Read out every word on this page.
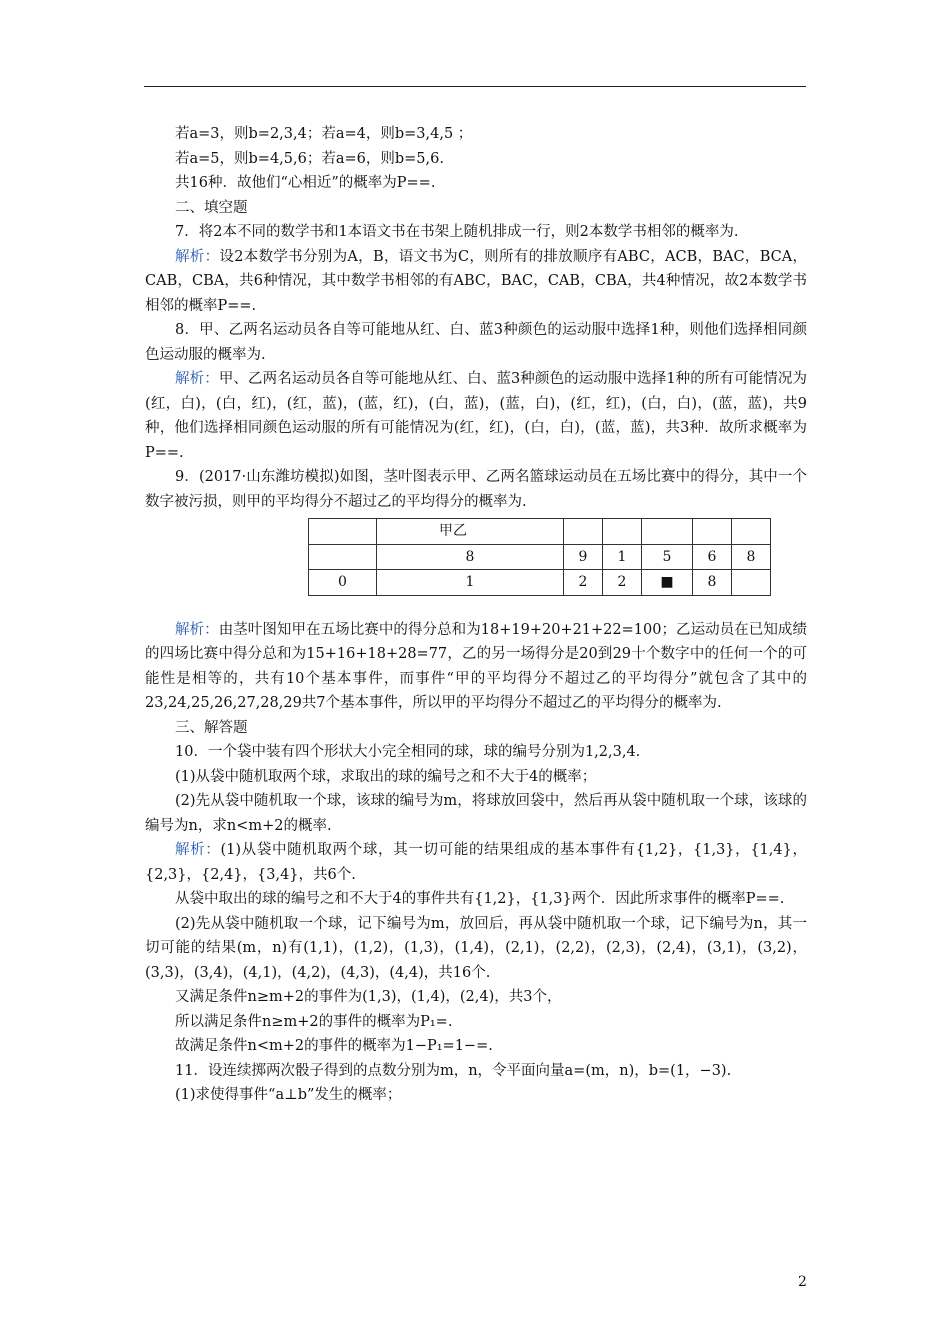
若a=3，则b=2,3,4；若a=4，则b=3,4,5 ；

若a=5，则b=4,5,6；若a=6，则b=5,6.

共16种．故他们“心相近”的概率为P==.

二、填空题

7．将2本不同的数学书和1本语文书在书架上随机排成一行，则2本数学书相邻的概率为.

解析：设2本数学书分别为A，B，语文书为C，则所有的排放顺序有ABC，ACB，BAC，BCA，CAB，CBA，共6种情况，其中数学书相邻的有ABC，BAC，CAB，CBA，共4种情况，故2本数学书相邻的概率P==.

8．甲、乙两名运动员各自等可能地从红、白、蓝3种颜色的运动服中选择1种，则他们选择相同颜色运动服的概率为.

解析：甲、乙两名运动员各自等可能地从红、白、蓝3种颜色的运动服中选择1种的所有可能情况为(红，白)，(白，红)，(红，蓝)，(蓝，红)，(白，蓝)，(蓝，白)，(红，红)，(白，白)，(蓝，蓝)，共9种，他们选择相同颜色运动服的所有可能情况为(红，红)，(白，白)，(蓝，蓝)，共3种．故所求概率为P==.

9．(2017·山东潍坊模拟)如图，茎叶图表示甲、乙两名篮球运动员在五场比赛中的得分，其中一个数字被污损，则甲的平均得分不超过乙的平均得分的概率为.

	甲乙					
	8	9	1	5	6	8
0	1	2	2	■	8	

解析：由茎叶图知甲在五场比赛中的得分总和为18+19+20+21+22=100；乙运动员在已知成绩的四场比赛中得分总和为15+16+18+28=77，乙的另一场得分是20到29十个数字中的任何一个的可能性是相等的，共有10个基本事件，而事件“甲的平均得分不超过乙的平均得分”就包含了其中的23,24,25,26,27,28,29共7个基本事件，所以甲的平均得分不超过乙的平均得分的概率为.

三、解答题

10．一个袋中装有四个形状大小完全相同的球，球的编号分别为1,2,3,4.

(1)从袋中随机取两个球，求取出的球的编号之和不大于4的概率；

(2)先从袋中随机取一个球，该球的编号为m，将球放回袋中，然后再从袋中随机取一个球，该球的编号为n，求n<m+2的概率.

解析：(1)从袋中随机取两个球，其一切可能的结果组成的基本事件有{1,2}，{1,3}，{1,4}，{2,3}，{2,4}，{3,4}，共6个.

从袋中取出的球的编号之和不大于4的事件共有{1,2}，{1,3}两个．因此所求事件的概率P==.

(2)先从袋中随机取一个球，记下编号为m，放回后，再从袋中随机取一个球，记下编号为n，其一切可能的结果(m，n)有(1,1)，(1,2)，(1,3)，(1,4)，(2,1)，(2,2)，(2,3)，(2,4)，(3,1)，(3,2)，(3,3)，(3,4)，(4,1)，(4,2)，(4,3)，(4,4)，共16个.

又满足条件n≥m+2的事件为(1,3)，(1,4)，(2,4)，共3个，

所以满足条件n≥m+2的事件的概率为P₁=.

故满足条件n<m+2的事件的概率为1−P₁=1−=.

11．设连续掷两次骰子得到的点数分别为m，n，令平面向量a=(m，n)，b=(1，−3).

(1)求使得事件“a⊥b”发生的概率；

2
